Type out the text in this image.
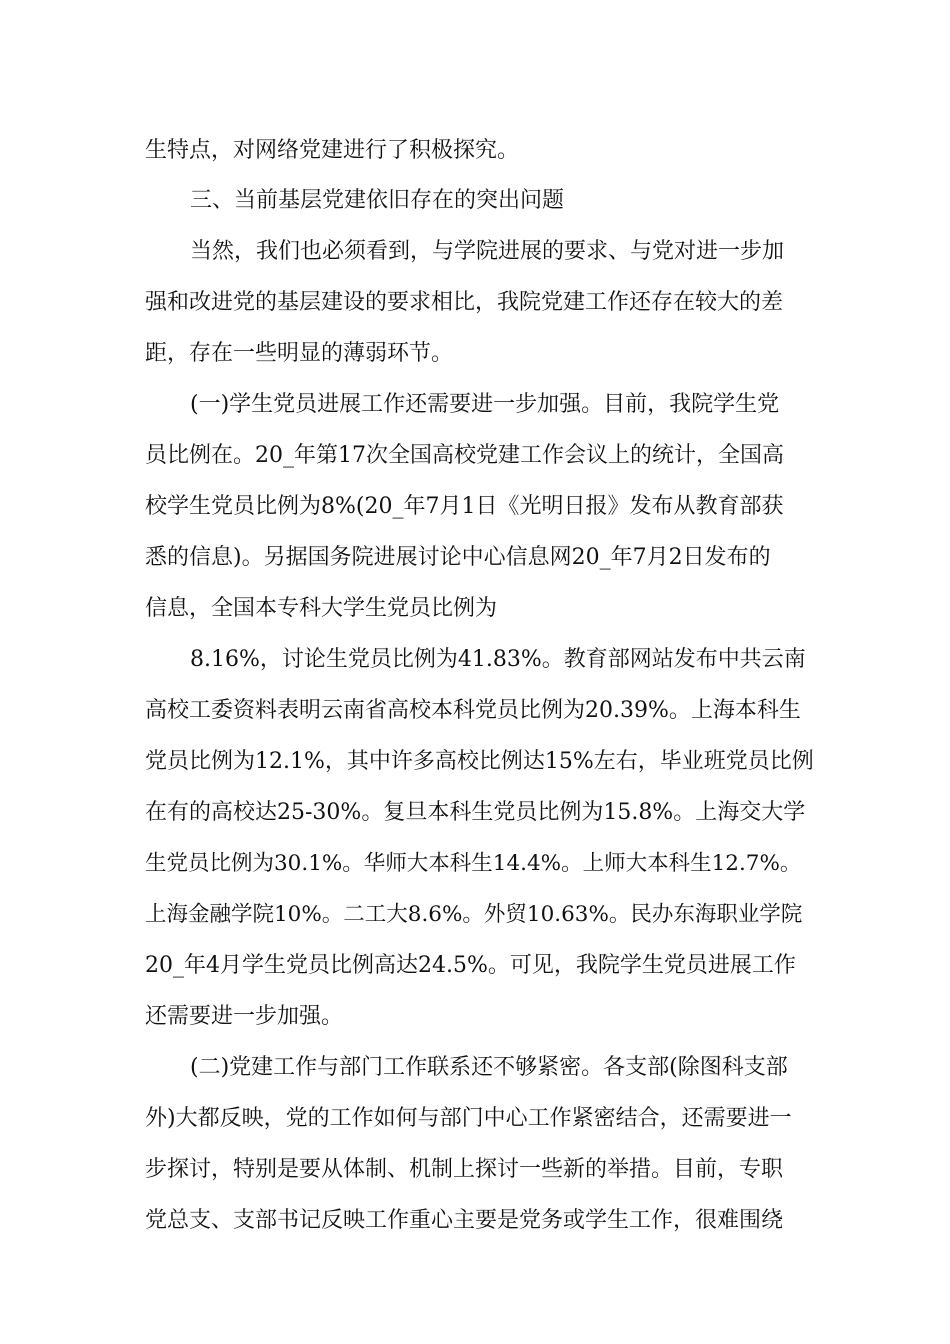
生特点，对网络党建进行了积极探究。
三、当前基层党建依旧存在的突出问题
当然，我们也必须看到，与学院进展的要求、与党对进一步加
强和改进党的基层建设的要求相比，我院党建工作还存在较大的差
距，存在一些明显的薄弱环节。
(一)学生党员进展工作还需要进一步加强。目前，我院学生党
员比例在。20_年第17次全国高校党建工作会议上的统计，全国高
校学生党员比例为8%(20_年7月1日《光明日报》发布从教育部获
悉的信息)。另据国务院进展讨论中心信息网20_年7月2日发布的
信息，全国本专科大学生党员比例为
8.16%，讨论生党员比例为41.83%。教育部网站发布中共云南
高校工委资料表明云南省高校本科党员比例为20.39%。上海本科生
党员比例为12.1%，其中许多高校比例达15%左右，毕业班党员比例
在有的高校达25-30%。复旦本科生党员比例为15.8%。上海交大学
生党员比例为30.1%。华师大本科生14.4%。上师大本科生12.7%。
上海金融学院10%。二工大8.6%。外贸10.63%。民办东海职业学院
20_年4月学生党员比例高达24.5%。可见，我院学生党员进展工作
还需要进一步加强。
(二)党建工作与部门工作联系还不够紧密。各支部(除图科支部
外)大都反映，党的工作如何与部门中心工作紧密结合，还需要进一
步探讨，特别是要从体制、机制上探讨一些新的举措。目前，专职
党总支、支部书记反映工作重心主要是党务或学生工作，很难围绕
